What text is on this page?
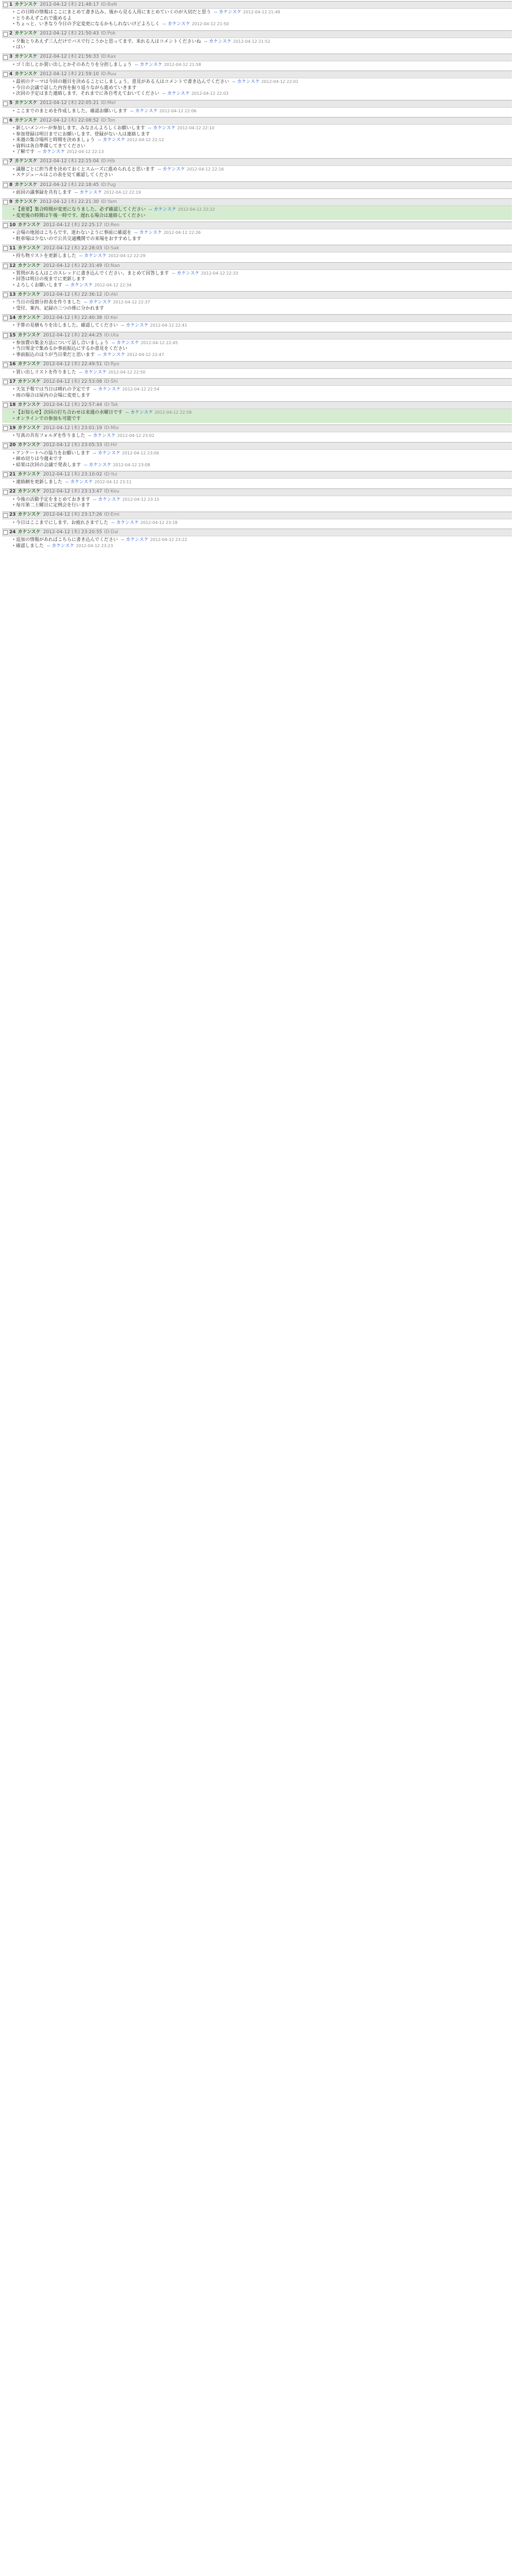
1 カケンスケ 2012-04-12 (木) 21:48:17 ID:BaN
• この日時の情報はここにまとめて書き込み、後から見る人用にまとめていくのが大切だと思う -- カケンスケ 2012-04-12 21:49
• とりあえずこれで進めるよ
• ちょっと、いきなり今日の予定変更になるかもしれないけどよろしく -- カケンスケ 2012-04-12 21:50
2 カケンスケ 2012-04-12 (木) 21:50:43 ID:Pok
• 夕飯とりあえず三人だけでバスで行こうかと思ってます。来れる人はコメントくださいね -- カケンスケ 2012-04-12 21:52
• はい
3 カケンスケ 2012-04-12 (木) 21:56:33 ID:Kax
• ゴミ出しとか買い出しとかそのあたりを分担しましょう -- カケンスケ 2012-04-12 21:58
4 カケンスケ 2012-04-12 (木) 21:59:10 ID:Ruu
• 最初のテーマは今回の題目を決めることにしましょう。意見がある人はコメントで書き込んでください -- カケンスケ 2012-04-12 22:01
• 今日の会議で話した内容を振り返りながら進めていきます
• 次回の予定はまた連絡します。それまでに各自考えておいてください -- カケンスケ 2012-04-12 22:03
5 カケンスケ 2012-04-12 (木) 22:05:21 ID:Mel
• ここまでのまとめを作成しました。確認お願いします -- カケンスケ 2012-04-12 22:06
6 カケンスケ 2012-04-12 (木) 22:08:52 ID:Ton
• 新しいメンバーが参加します。みなさんよろしくお願いします -- カケンスケ 2012-04-12 22:10
• 参加登録は明日までにお願いします。登録がない人は連絡します
• 来週の集合場所と時間を決めましょう -- カケンスケ 2012-04-12 22:12
• 資料は各自準備してきてください
• 了解です -- カケンスケ 2012-04-12 22:13
7 カケンスケ 2012-04-12 (木) 22:15:04 ID:Hib
• 議題ごとに担当者を決めておくとスムーズに進められると思います -- カケンスケ 2012-04-12 22:16
• スケジュールはこの表を見て確認してください
8 カケンスケ 2012-04-12 (木) 22:18:45 ID:Fug
• 前回の議事録を共有します -- カケンスケ 2012-04-12 22:19
9 カケンスケ 2012-04-12 (木) 22:21:30 ID:Yam
• 【重要】集合時間が変更になりました。必ず確認してください -- カケンスケ 2012-04-12 22:22
• 変更後の時間は午後一時です。遅れる場合は連絡してください
10 カケンスケ 2012-04-12 (木) 22:25:17 ID:Ren
• 会場の地図はこちらです。迷わないように事前に確認を -- カケンスケ 2012-04-12 22:26
• 駐車場は少ないので公共交通機関での来場をおすすめします
11 カケンスケ 2012-04-12 (木) 22:28:03 ID:Sak
• 持ち物リストを更新しました -- カケンスケ 2012-04-12 22:29
12 カケンスケ 2012-04-12 (木) 22:31:49 ID:Nao
• 質問がある人はこのスレッドに書き込んでください。まとめて回答します -- カケンスケ 2012-04-12 22:33
• 回答は明日の夜までに更新します
• よろしくお願いします -- カケンスケ 2012-04-12 22:34
13 カケンスケ 2012-04-12 (木) 22:36:12 ID:Aki
• 当日の役割分担表を作りました -- カケンスケ 2012-04-12 22:37
• 受付、案内、記録の三つの係に分かれます
14 カケンスケ 2012-04-12 (木) 22:40:38 ID:Kei
• 予算の見積もりを出しました。確認してください -- カケンスケ 2012-04-12 22:41
15 カケンスケ 2012-04-12 (木) 22:44:25 ID:Uta
• 参加費の集金方法について話し合いましょう -- カケンスケ 2012-04-12 22:45
• 当日現金で集めるか事前振込にするか意見をください
• 事前振込のほうが当日楽だと思います -- カケンスケ 2012-04-12 22:47
16 カケンスケ 2012-04-12 (木) 22:49:51 ID:Ryo
• 買い出しリストを作りました -- カケンスケ 2012-04-12 22:50
17 カケンスケ 2012-04-12 (木) 22:53:08 ID:Shi
• 天気予報では当日は晴れの予定です -- カケンスケ 2012-04-12 22:54
• 雨の場合は屋内の会場に変更します
18 カケンスケ 2012-04-12 (木) 22:57:44 ID:Tak
• 【お知らせ】次回の打ち合わせは来週の水曜日です -- カケンスケ 2012-04-12 22:58
• オンラインでの参加も可能です
19 カケンスケ 2012-04-12 (木) 23:01:19 ID:Mio
• 写真の共有フォルダを作りました -- カケンスケ 2012-04-12 23:02
20 カケンスケ 2012-04-12 (木) 23:05:33 ID:Hir
• アンケートへの協力をお願いします -- カケンスケ 2012-04-12 23:06
• 締め切りは今週末です
• 結果は次回の会議で発表します -- カケンスケ 2012-04-12 23:08
21 カケンスケ 2012-04-12 (木) 23:10:02 ID:Yui
• 連絡網を更新しました -- カケンスケ 2012-04-12 23:11
22 カケンスケ 2012-04-12 (木) 23:13:47 ID:Kou
• 今後の活動予定をまとめておきます -- カケンスケ 2012-04-12 23:15
• 毎月第二土曜日に定例会を行います
23 カケンスケ 2012-04-12 (木) 23:17:26 ID:Emi
• 今日はここまでにします。お疲れさまでした -- カケンスケ 2012-04-12 23:18
24 カケンスケ 2012-04-12 (木) 23:20:55 ID:Dai
• 追加の情報があればこちらに書き込んでください -- カケンスケ 2012-04-12 23:22
• 確認しました -- カケンスケ 2012-04-12 23:23
